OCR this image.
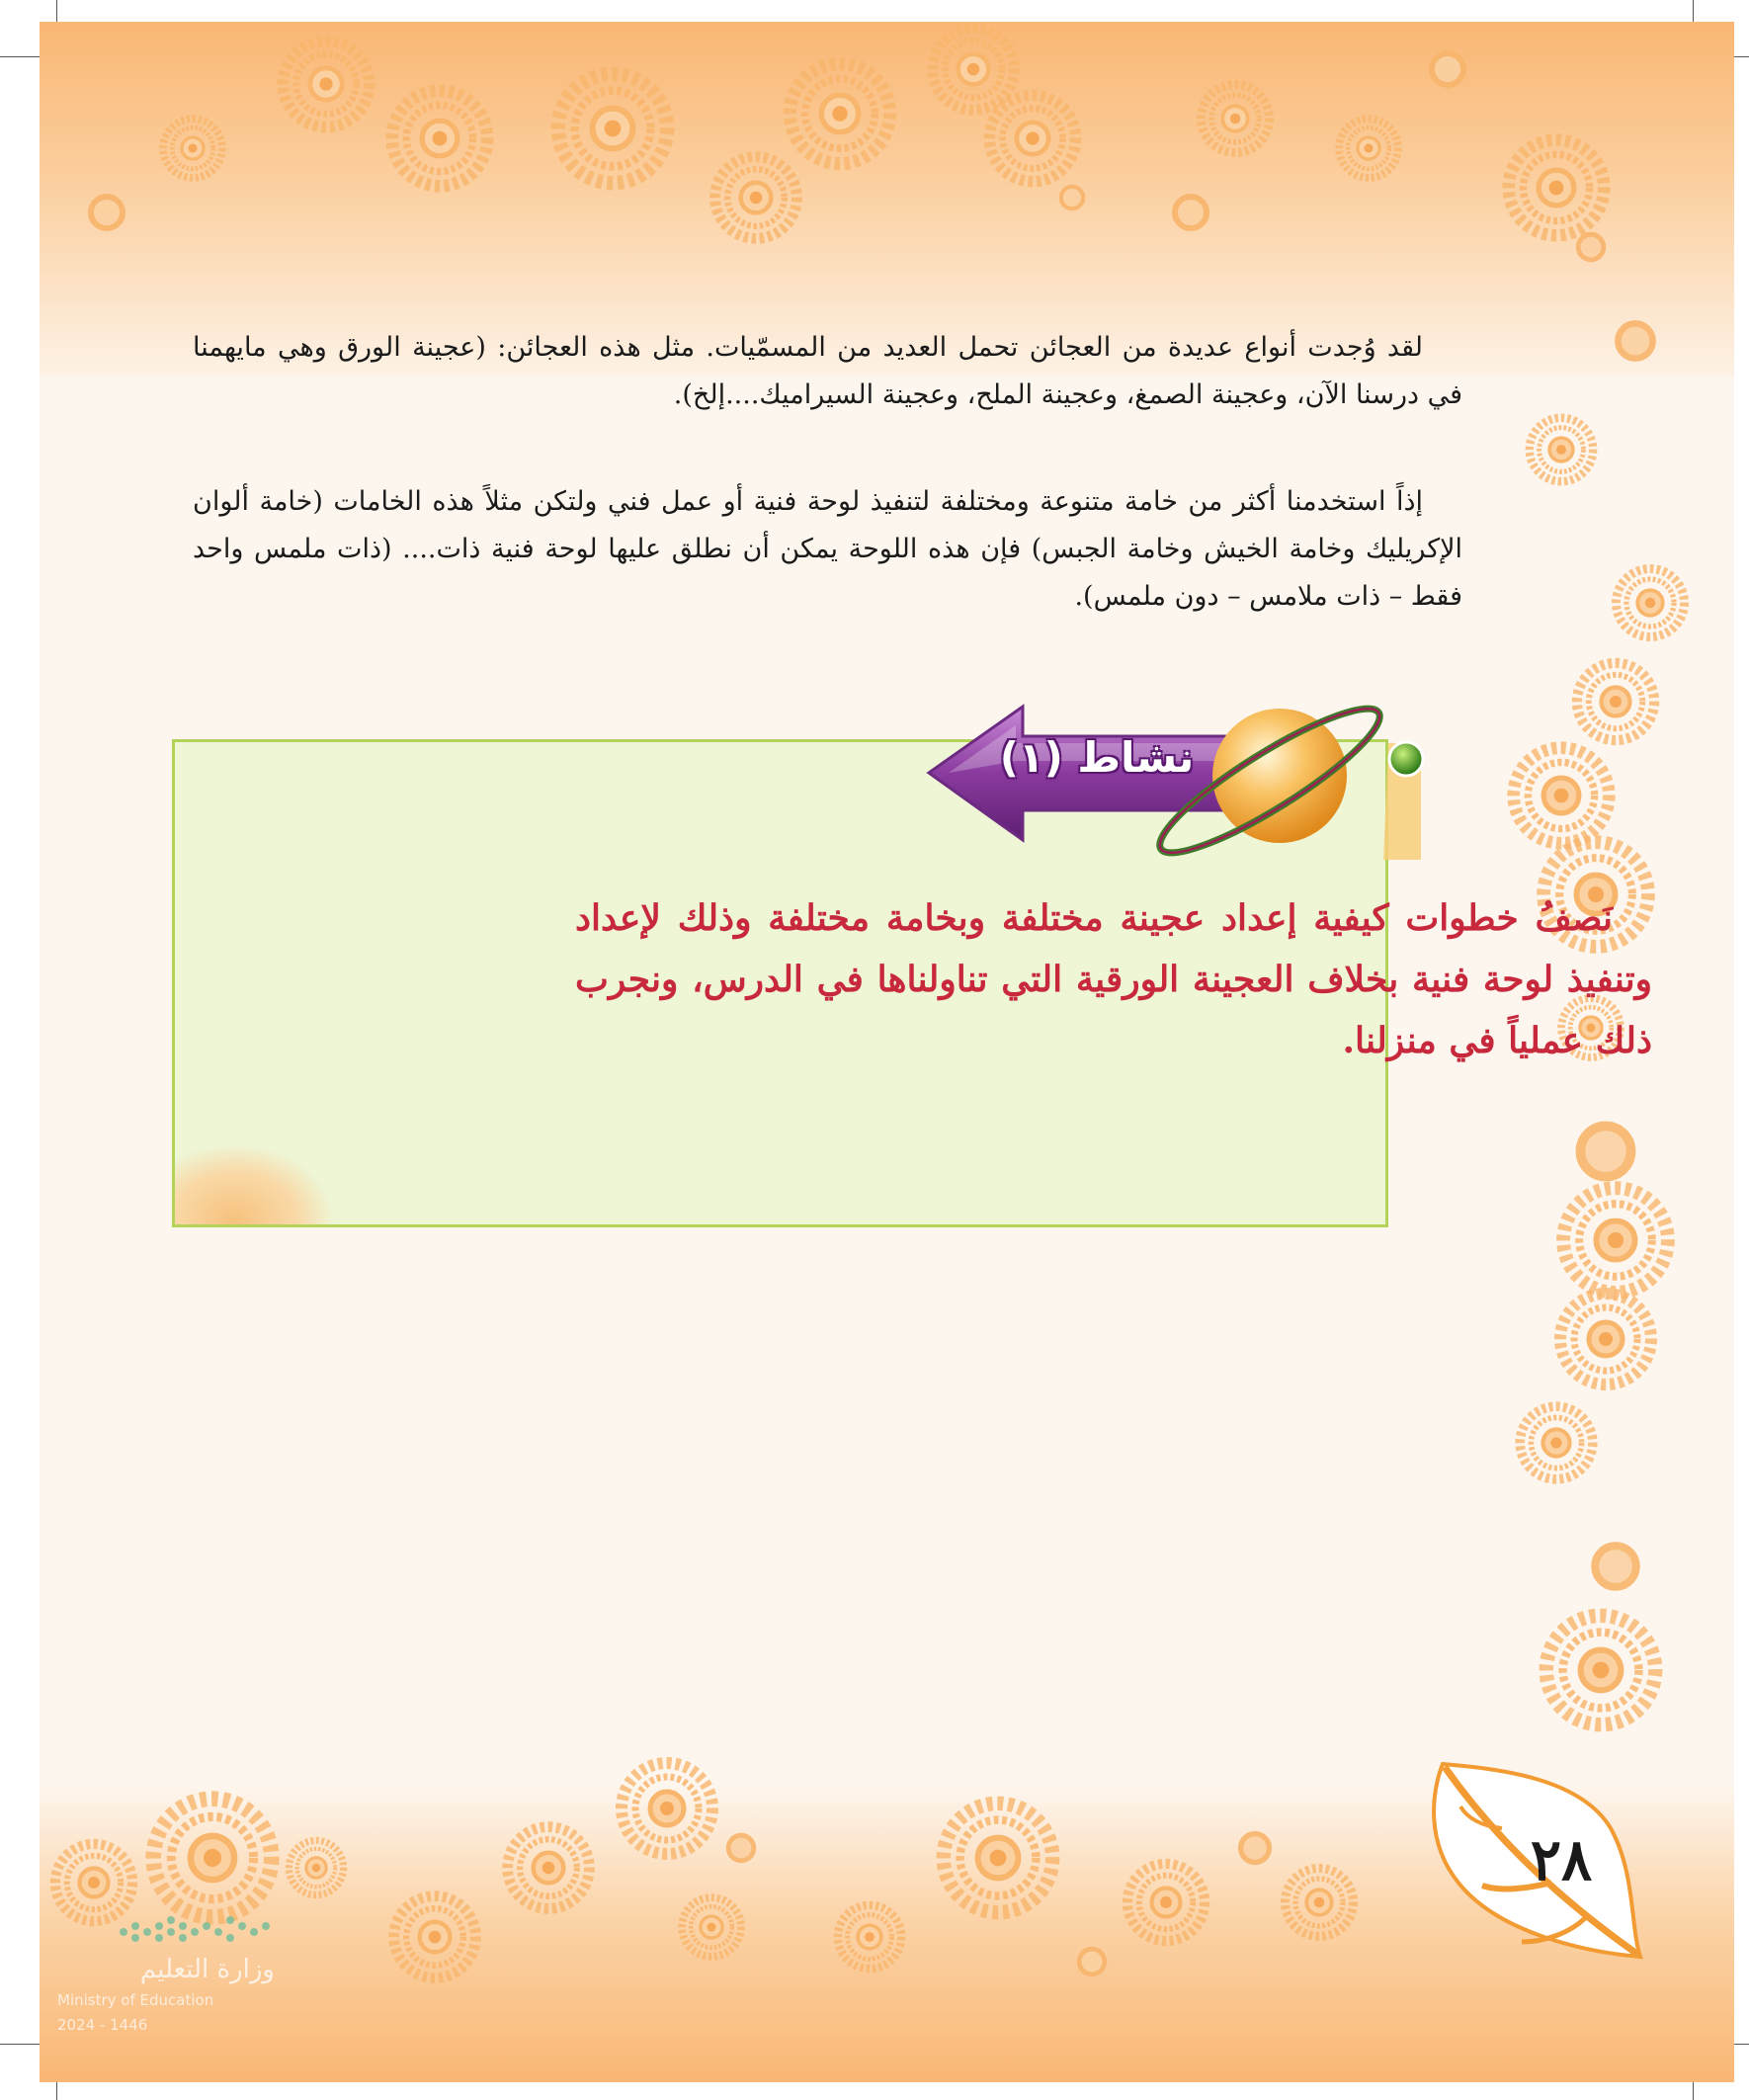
لقد وُجدت أنواع عديدة من العجائن تحمل العديد من المسمّيات. مثل هذه العجائن: (عجينة الورق وهي مايهمنا في درسنا الآن، وعجينة الصمغ، وعجينة الملح، وعجينة السيراميك....إلخ).

إذاً استخدمنا أكثر من خامة متنوعة ومختلفة لتنفيذ لوحة فنية أو عمل فني ولتكن مثلاً هذه الخامات (خامة ألوان الإكريليك وخامة الخيش وخامة الجبس) فإن هذه اللوحة يمكن أن نطلق عليها لوحة فنية ذات.... (ذات ملمس واحد فقط – ذات ملامس – دون ملمس).

نشاط (١)

نَصفُ خطوات كيفية إعداد عجينة مختلفة وبخامة مختلفة وذلك لإعداد وتنفيذ لوحة فنية بخلاف العجينة الورقية التي تناولناها في الدرس، ونجرب ذلك عملياً في منزلنا.

٢٨
وزارة التعليم
Ministry of Education
2024 - 1446
